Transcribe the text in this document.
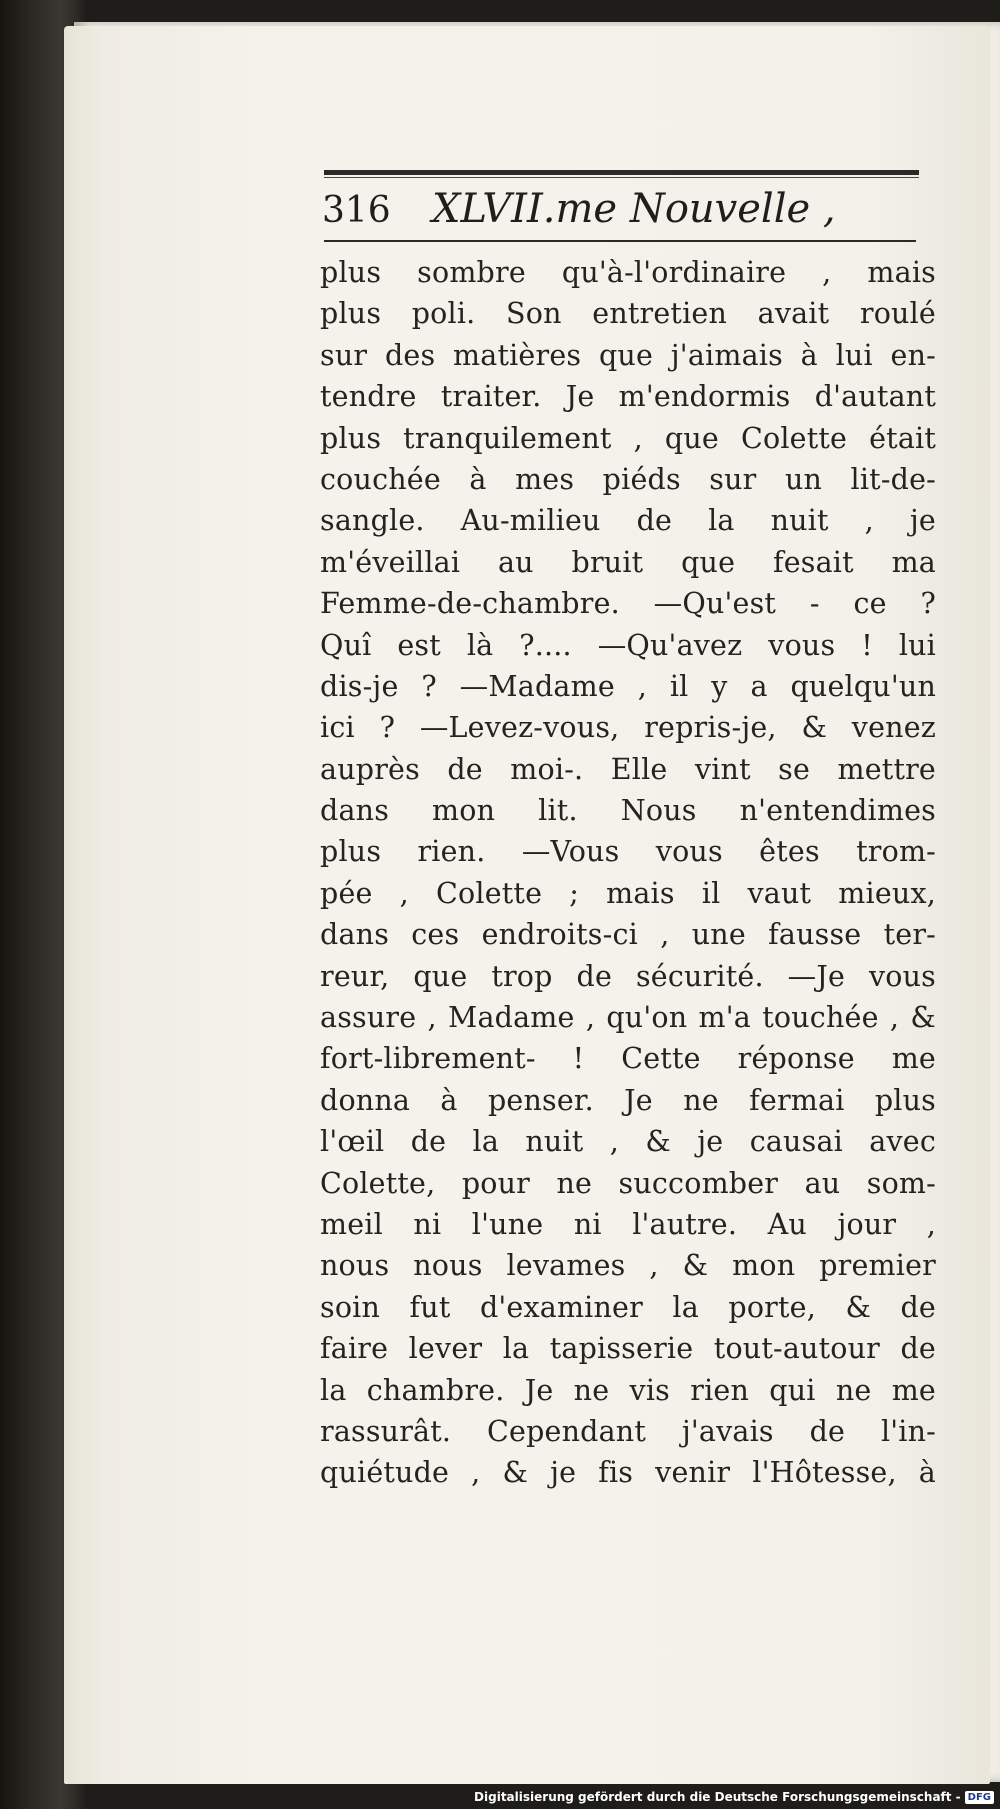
316 XLVII.me Nouvelle ,
plus sombre qu'à-l'ordinaire , mais
plus poli. Son entretien avait roulé
sur des matières que j'aimais à lui en-
tendre traiter. Je m'endormis d'autant
plus tranquilement , que Colette était
couchée à mes piéds sur un lit-de-
sangle. Au-milieu de la nuit , je
m'éveillai au bruit que fesait ma
Femme-de-chambre. —Qu'est - ce ?
Quî est là ?.... —Qu'avez vous ! lui
dis-je ? —Madame , il y a quelqu'un
ici ? —Levez-vous, repris-je, & venez
auprès de moi-. Elle vint se mettre
dans mon lit. Nous n'entendimes
plus rien. —Vous vous êtes trom-
pée , Colette ; mais il vaut mieux,
dans ces endroits-ci , une fausse ter-
reur, que trop de sécurité. —Je vous
assure , Madame , qu'on m'a touchée , &
fort-librement- ! Cette réponse me
donna à penser. Je ne fermai plus
l'œil de la nuit , & je causai avec
Colette, pour ne succomber au som-
meil ni l'une ni l'autre. Au jour ,
nous nous levames , & mon premier
soin fut d'examiner la porte, & de
faire lever la tapisserie tout-autour de
la chambre. Je ne vis rien qui ne me
rassurât. Cependant j'avais de l'in-
quiétude , & je fis venir l'Hôtesse, à
Digitalisierung gefördert durch die Deutsche Forschungsgemeinschaft - DFG
